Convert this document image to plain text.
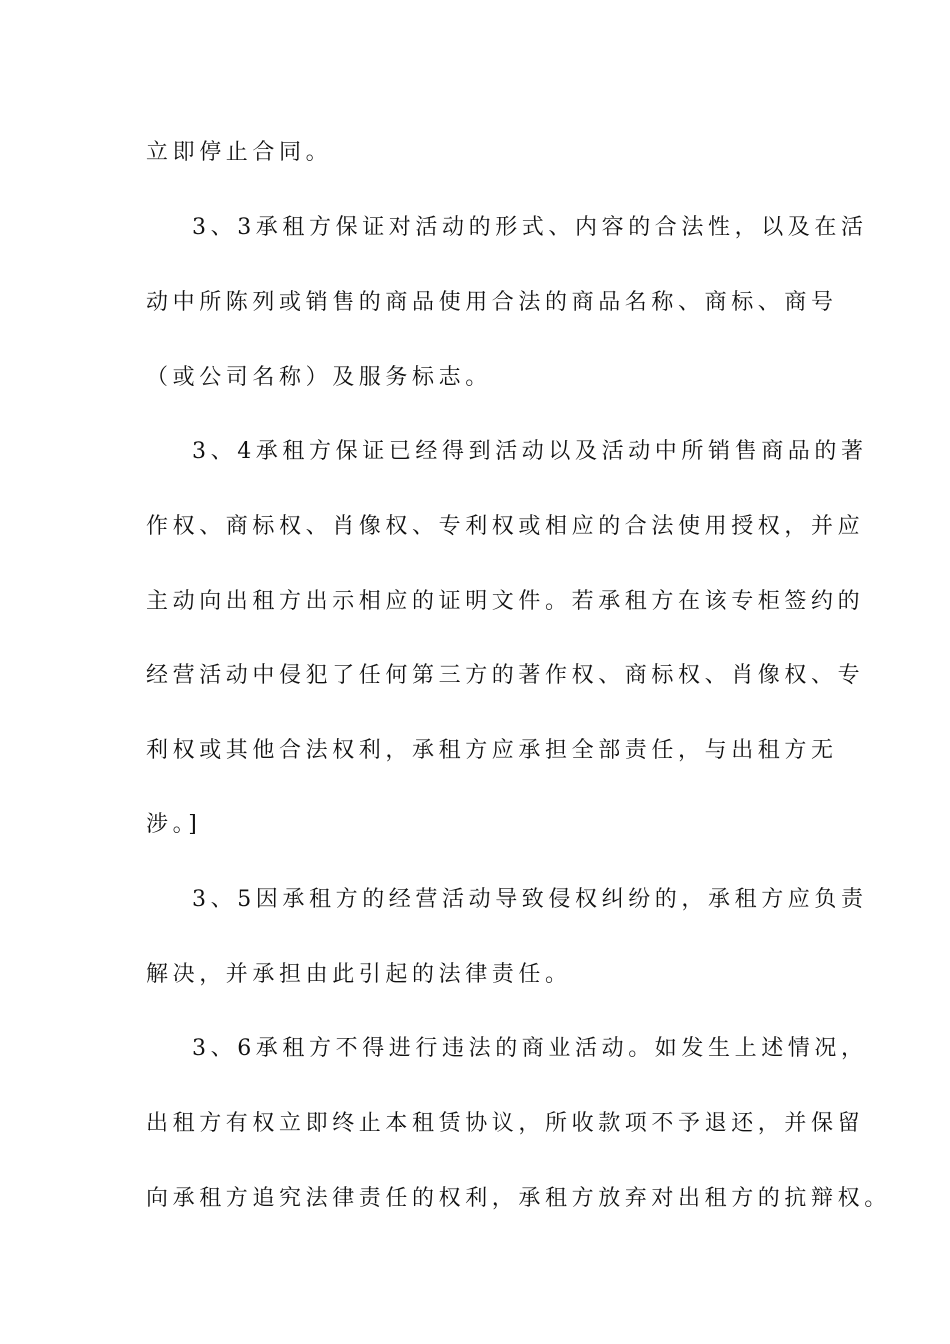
立即停止合同。
3、3承租方保证对活动的形式、内容的合法性，以及在活
动中所陈列或销售的商品使用合法的商品名称、商标、商号
（或公司名称）及服务标志。
3、4承租方保证已经得到活动以及活动中所销售商品的著
作权、商标权、肖像权、专利权或相应的合法使用授权，并应
主动向出租方出示相应的证明文件。若承租方在该专柜签约的
经营活动中侵犯了任何第三方的著作权、商标权、肖像权、专
利权或其他合法权利，承租方应承担全部责任，与出租方无
涉。]
3、5因承租方的经营活动导致侵权纠纷的，承租方应负责
解决，并承担由此引起的法律责任。
3、6承租方不得进行违法的商业活动。如发生上述情况，
出租方有权立即终止本租赁协议，所收款项不予退还，并保留
向承租方追究法律责任的权利，承租方放弃对出租方的抗辩权。
